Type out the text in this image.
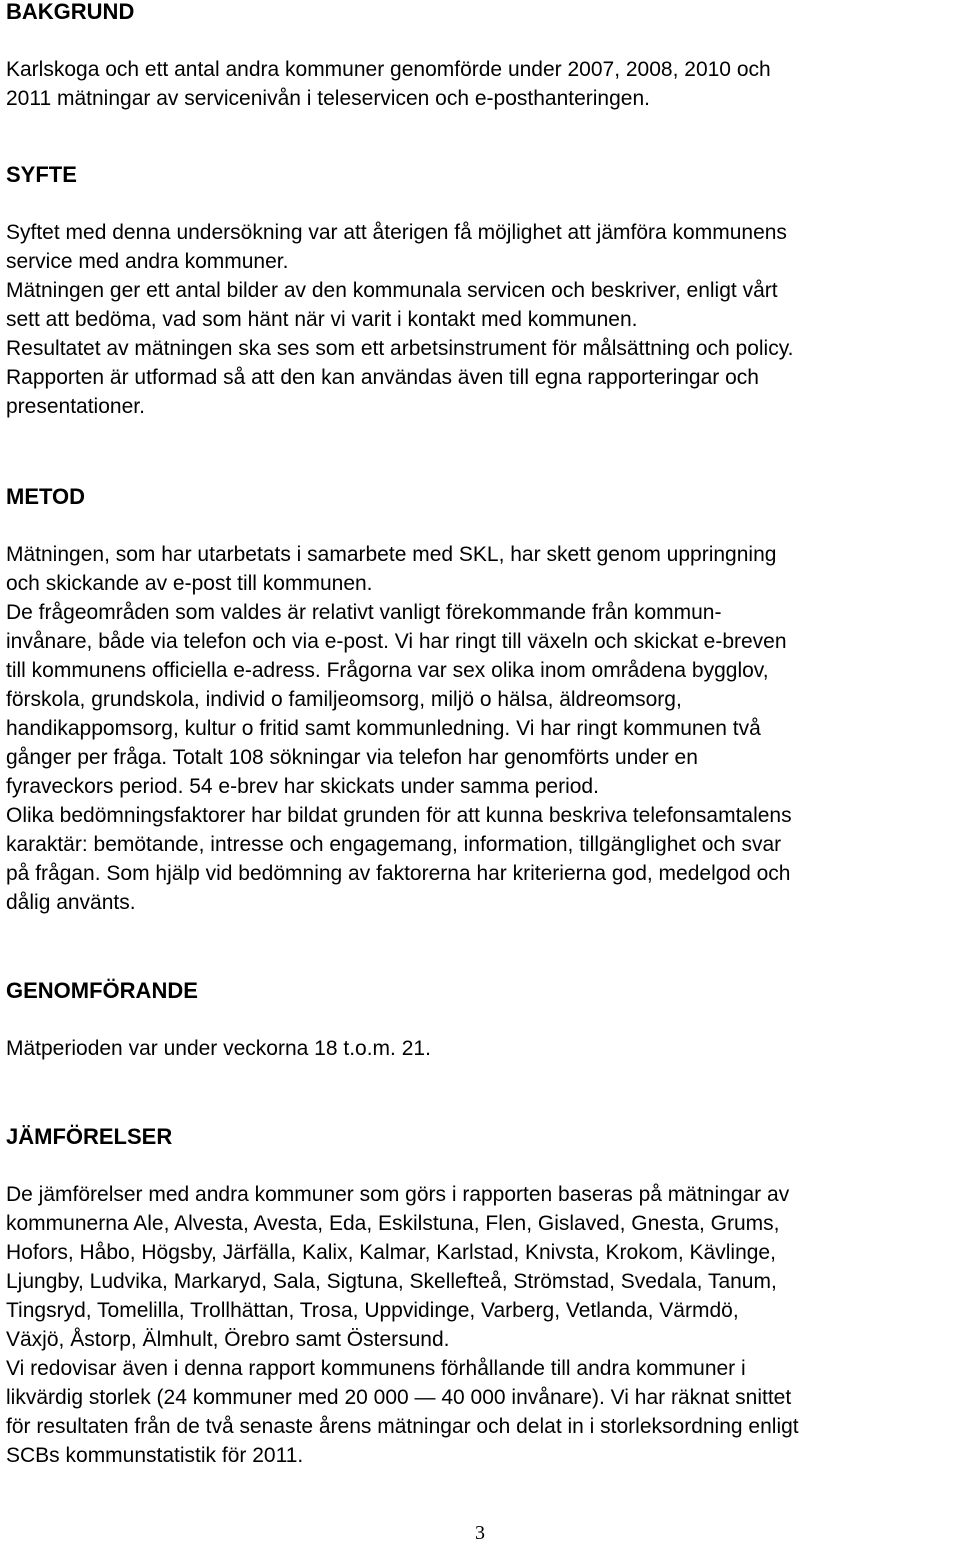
BAKGRUND
Karlskoga och ett antal andra kommuner genomförde under 2007, 2008, 2010 och
2011 mätningar av servicenivån i teleservicen och e-posthanteringen.
SYFTE
Syftet med denna undersökning var att återigen få möjlighet att jämföra kommunens
service med andra kommuner.
Mätningen ger ett antal bilder av den kommunala servicen och beskriver, enligt vårt
sett att bedöma, vad som hänt när vi varit i kontakt med kommunen.
Resultatet av mätningen ska ses som ett arbetsinstrument för målsättning och policy.
Rapporten är utformad så att den kan användas även till egna rapporteringar och
presentationer.
METOD
Mätningen, som har utarbetats i samarbete med SKL, har skett genom uppringning
och skickande av e-post till kommunen.
De frågeområden som valdes är relativt vanligt förekommande från kommun-
invånare, både via telefon och via e-post. Vi har ringt till växeln och skickat e-breven
till kommunens officiella e-adress. Frågorna var sex olika inom områdena bygglov,
förskola, grundskola, individ o familjeomsorg, miljö o hälsa, äldreomsorg,
handikappomsorg, kultur o fritid samt kommunledning. Vi har ringt kommunen två
gånger per fråga. Totalt 108 sökningar via telefon har genomförts under en
fyraveckors period. 54 e-brev har skickats under samma period.
Olika bedömningsfaktorer har bildat grunden för att kunna beskriva telefonsamtalens
karaktär: bemötande, intresse och engagemang, information, tillgänglighet och svar
på frågan. Som hjälp vid bedömning av faktorerna har kriterierna god, medelgod och
dålig använts.
GENOMFÖRANDE
Mätperioden var under veckorna 18 t.o.m. 21.
JÄMFÖRELSER
De jämförelser med andra kommuner som görs i rapporten baseras på mätningar av
kommunerna Ale, Alvesta, Avesta, Eda, Eskilstuna, Flen, Gislaved, Gnesta, Grums,
Hofors, Håbo, Högsby, Järfälla, Kalix, Kalmar, Karlstad, Knivsta, Krokom, Kävlinge,
Ljungby, Ludvika, Markaryd, Sala, Sigtuna, Skellefteå, Strömstad, Svedala, Tanum,
Tingsryd, Tomelilla, Trollhättan, Trosa, Uppvidinge, Varberg, Vetlanda, Värmdö,
Växjö, Åstorp, Älmhult, Örebro samt Östersund.
Vi redovisar även i denna rapport kommunens förhållande till andra kommuner i
likvärdig storlek (24 kommuner med 20 000 — 40 000 invånare). Vi har räknat snittet
för resultaten från de två senaste årens mätningar och delat in i storleksordning enligt
SCBs kommunstatistik för 2011.
3
